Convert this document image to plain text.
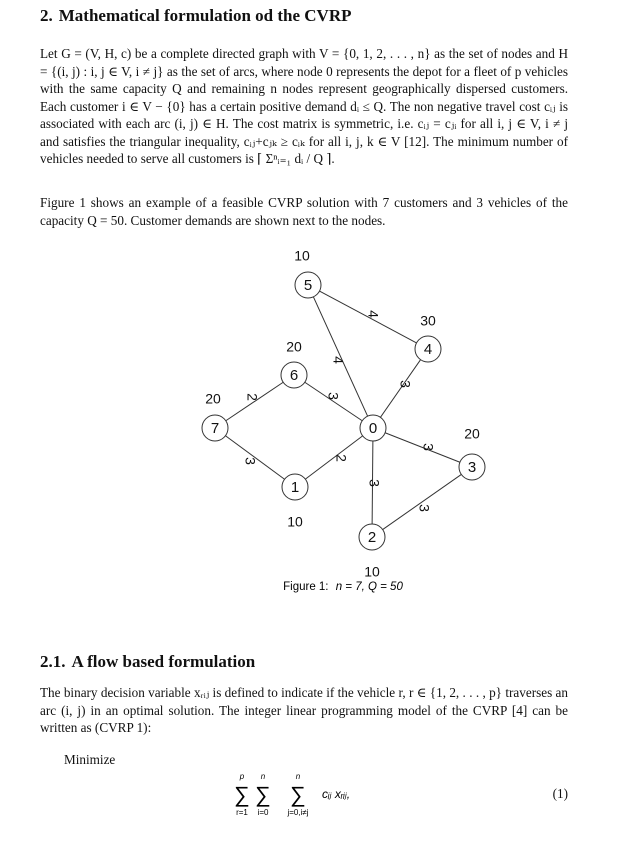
2. Mathematical formulation od the CVRP

Let G = (V, H, c) be a complete directed graph with V = {0, 1, 2, . . . , n} as the set of nodes and H = {(i, j) : i, j ∈ V, i ≠ j} as the set of arcs, where node 0 represents the depot for a fleet of p vehicles with the same capacity Q and remaining n nodes represent geographically dispersed customers. Each customer i ∈ V − {0} has a certain positive demand dᵢ ≤ Q. The non negative travel cost cᵢⱼ is associated with each arc (i, j) ∈ H. The cost matrix is symmetric, i.e. cᵢⱼ = cⱼᵢ for all i, j ∈ V, i ≠ j and satisfies the triangular inequality, cᵢⱼ+cⱼₖ ≥ cᵢₖ for all i, j, k ∈ V [12]. The minimum number of vehicles needed to serve all customers is ⌈ Σⁿᵢ₌₁ dᵢ / Q ⌉.

Figure 1 shows an example of a feasible CVRP solution with 7 customers and 3 vehicles of the capacity Q = 50. Customer demands are shown next to the nodes.

4
4
3
3
2
3	2
3
3
3
0
1
10
2
10
3
20
4
30
5
10
6
20
7
20
Figure 1: n = 7, Q = 50
2.1. A flow based formulation

The binary decision variable xᵣᵢⱼ is defined to indicate if the vehicle r, r ∈ {1, 2, . . . , p} traverses an arc (i, j) in an optimal solution. The integer linear programming model of the CVRP [4] can be written as (CVRP 1):

Minimize
p
∑
r=1
n
∑
i=0
n
∑
j=0,i≠j
cᵢⱼ xᵣᵢⱼ,	(1)
